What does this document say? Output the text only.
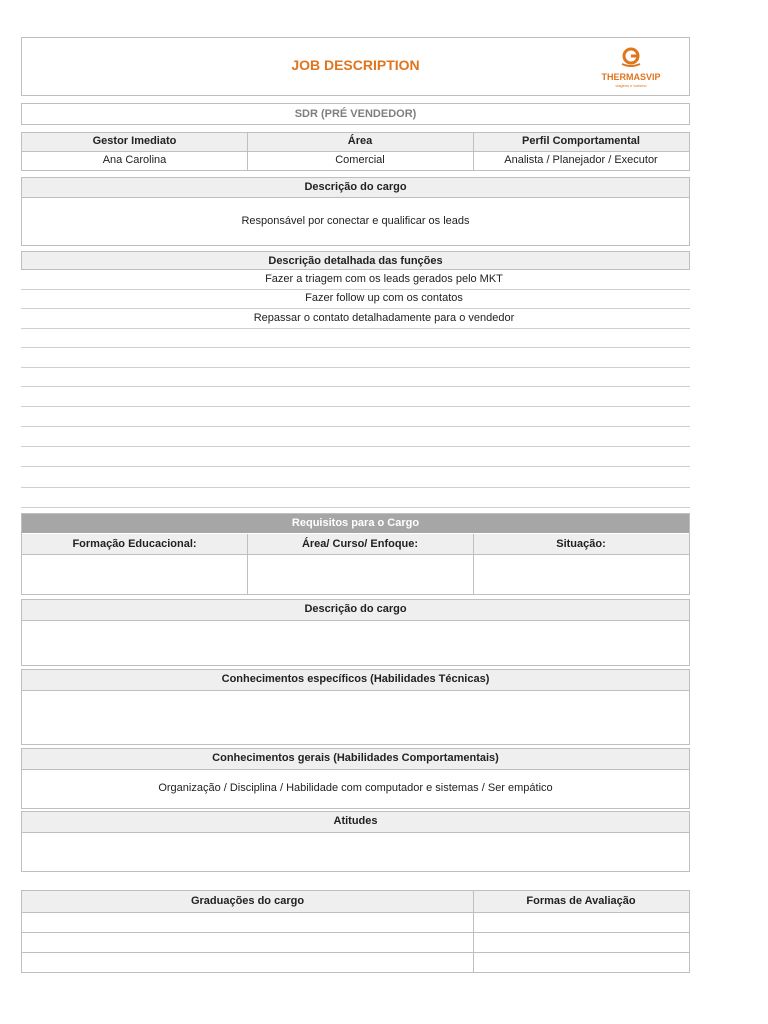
JOB DESCRIPTION
THERMASVIP
viagens e turismo
SDR (PRÉ VENDEDOR)
Gestor Imediato	Área	Perfil Comportamental
Ana Carolina	Comercial	Analista / Planejador / Executor
Descrição do cargo
Responsável por conectar e qualificar os leads
Descrição detalhada das funções
Fazer a triagem com os leads gerados pelo MKT
Fazer follow up com os contatos
Repassar o contato detalhadamente para o vendedor
Requisitos para o Cargo
Formação Educacional:	Área/ Curso/ Enfoque:	Situação:
Descrição do cargo
Conhecimentos específicos (Habilidades Técnicas)
Conhecimentos gerais (Habilidades Comportamentais)
Organização / Disciplina / Habilidade com computador e sistemas / Ser empático
Atitudes
Graduações do cargo	Formas de Avaliação
